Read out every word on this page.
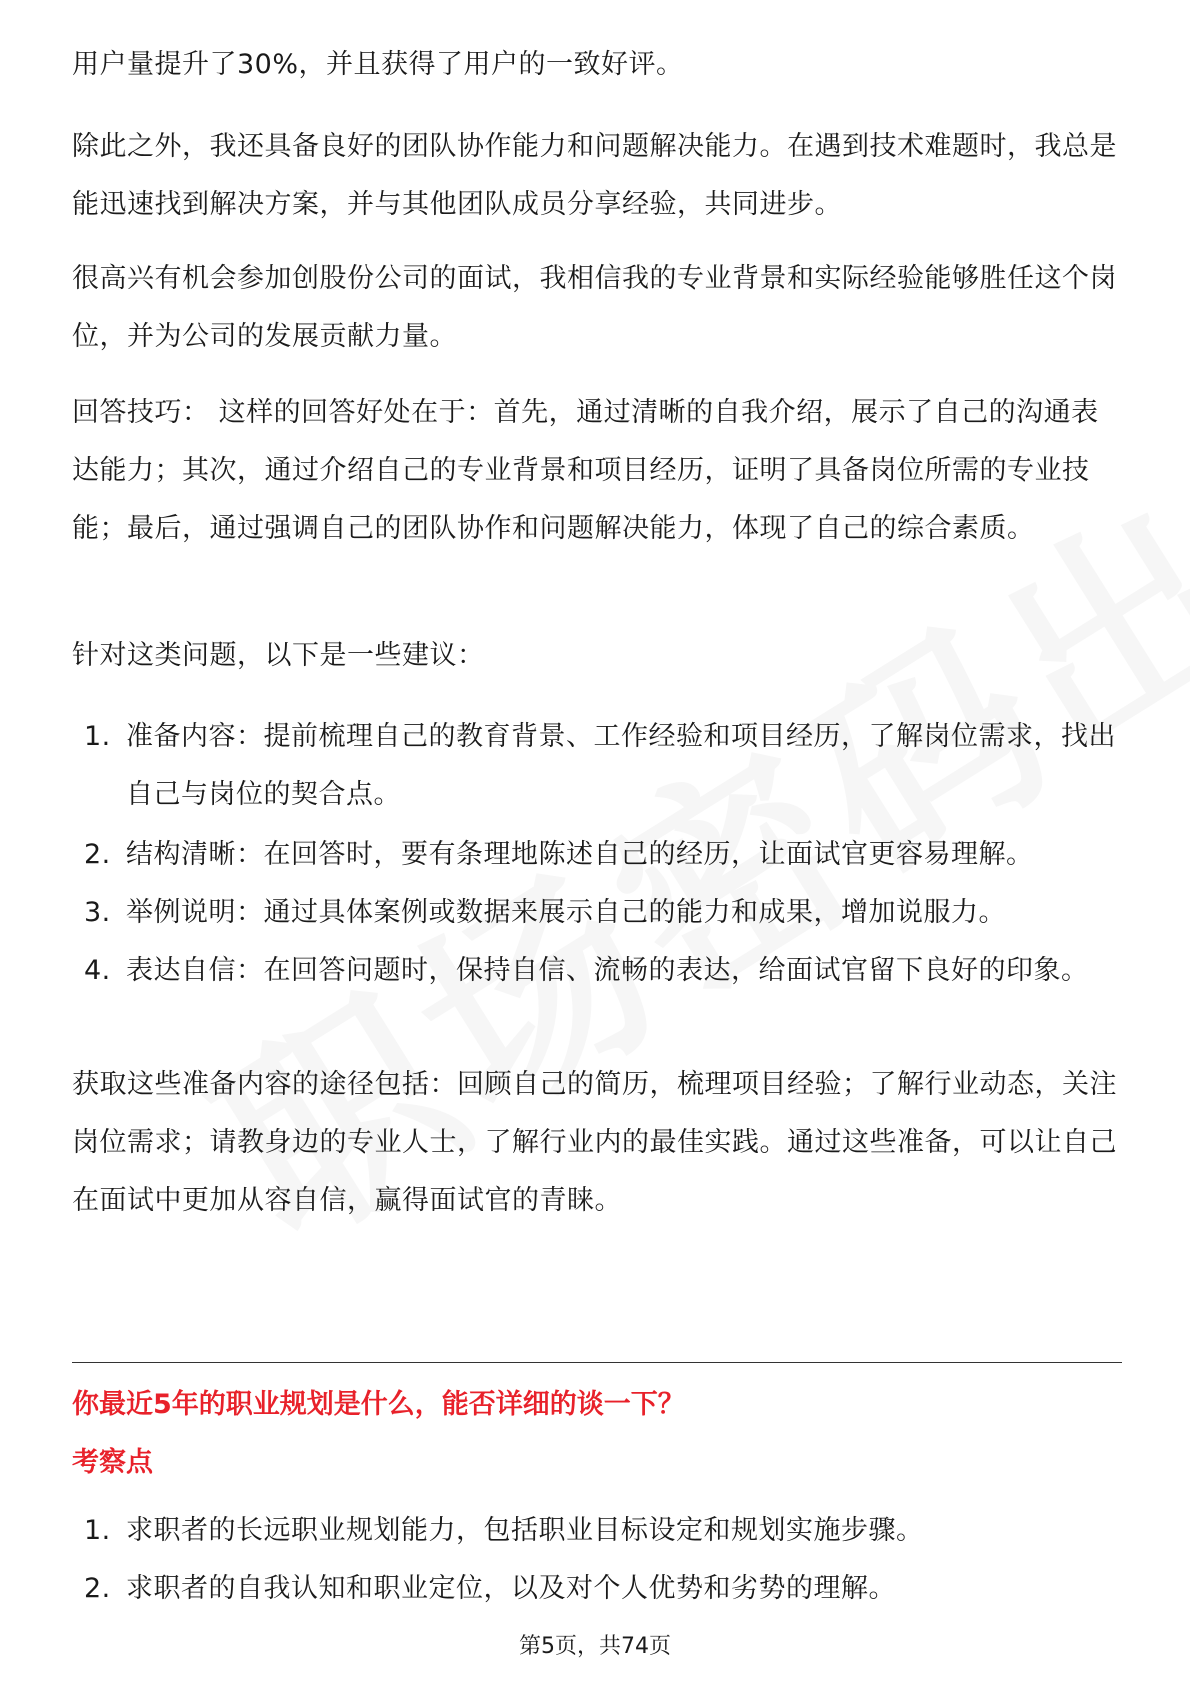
用户量提升了30%，并且获得了用户的一致好评。

除此之外，我还具备良好的团队协作能力和问题解决能力。在遇到技术难题时，我总是能迅速找到解决方案，并与其他团队成员分享经验，共同进步。

很高兴有机会参加创股份公司的面试，我相信我的专业背景和实际经验能够胜任这个岗位，并为公司的发展贡献力量。

回答技巧： 这样的回答好处在于：首先，通过清晰的自我介绍，展示了自己的沟通表达能力；其次，通过介绍自己的专业背景和项目经历，证明了具备岗位所需的专业技能；最后，通过强调自己的团队协作和问题解决能力，体现了自己的综合素质。

针对这类问题，以下是一些建议：

1. 准备内容：提前梳理自己的教育背景、工作经验和项目经历，了解岗位需求，找出自己与岗位的契合点。
2. 结构清晰：在回答时，要有条理地陈述自己的经历，让面试官更容易理解。
3. 举例说明：通过具体案例或数据来展示自己的能力和成果，增加说服力。
4. 表达自信：在回答问题时，保持自信、流畅的表达，给面试官留下良好的印象。

获取这些准备内容的途径包括：回顾自己的简历，梳理项目经验；了解行业动态，关注岗位需求；请教身边的专业人士，了解行业内的最佳实践。通过这些准备，可以让自己在面试中更加从容自信，赢得面试官的青睐。

你最近5年的职业规划是什么，能否详细的谈一下？

考察点

1. 求职者的长远职业规划能力，包括职业目标设定和规划实施步骤。
2. 求职者的自我认知和职业定位，以及对个人优势和劣势的理解。
第5页，共74页
